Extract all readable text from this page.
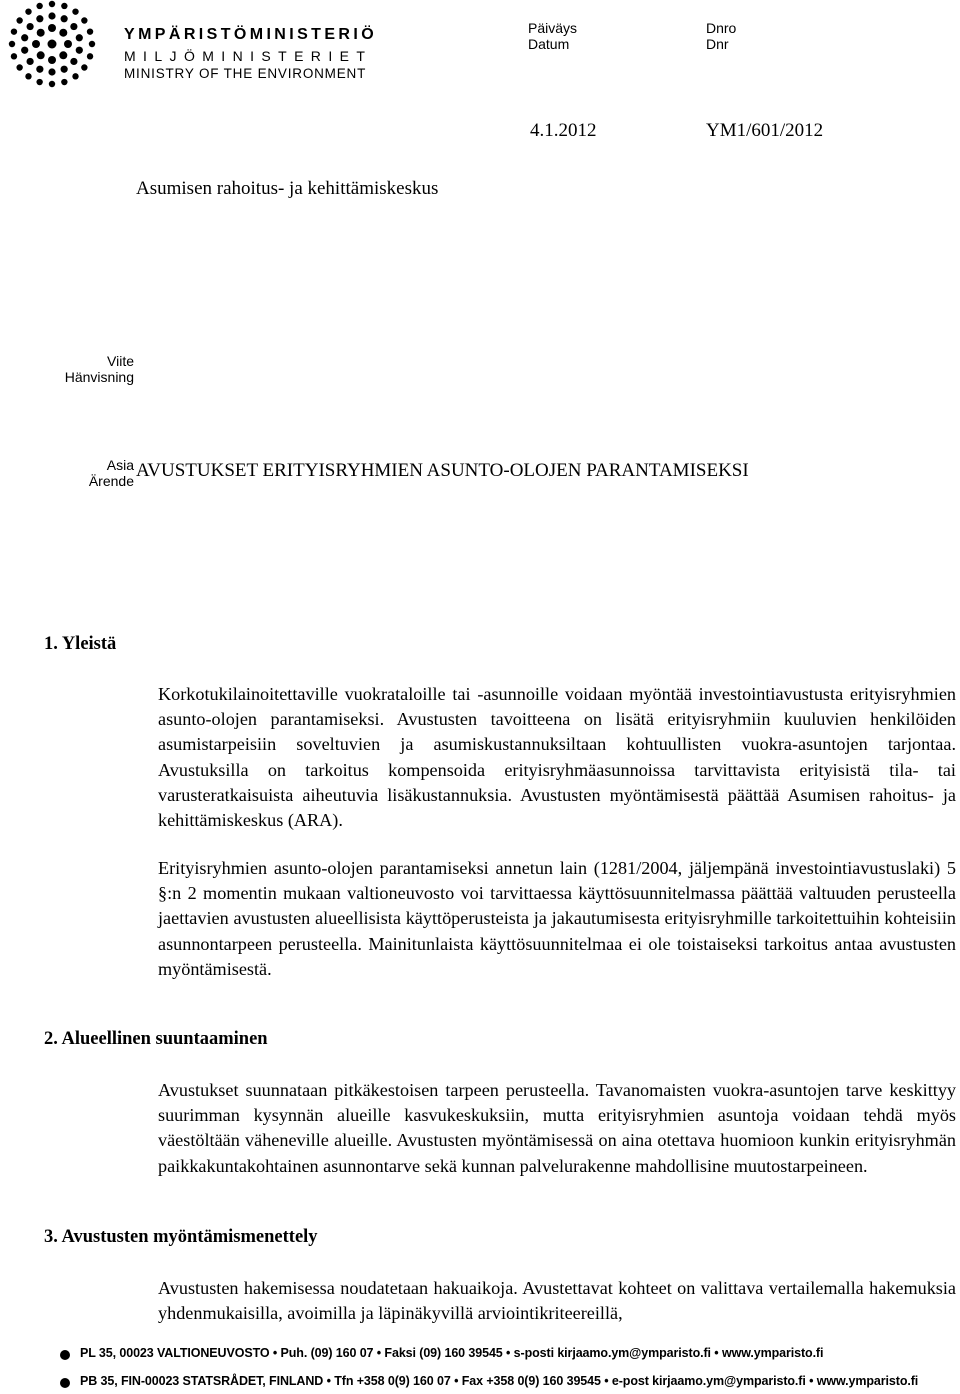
YMPÄRISTÖMINISTERIÖ
MILJÖMINISTERIET
MINISTRY OF THE ENVIRONMENT
Päiväys
Datum
Dnro
Dnr
4.1.2012	YM1/601/2012
Asumisen rahoitus- ja kehittämiskeskus
Viite
Hänvisning
Asia
Ärende AVUSTUKSET ERITYISRYHMIEN ASUNTO-OLOJEN PARANTAMISEKSI
1. Yleistä

Korkotukilainoitettaville vuokrataloille tai -asunnoille voidaan myöntää investointiavustusta erityisryhmien asunto-olojen parantamiseksi. Avustusten tavoitteena on lisätä erityisryhmiin kuuluvien henkilöiden asumistarpeisiin soveltuvien ja asumiskustannuksiltaan kohtuullisten vuokra-asuntojen tarjontaa. Avustuksilla on tarkoitus kompensoida erityisryhmäasunnoissa tarvittavista erityisistä tila- tai varusteratkaisuista aiheutuvia lisäkustannuksia. Avustusten myöntämisestä päättää Asumisen rahoitus- ja kehittämiskeskus (ARA).

Erityisryhmien asunto-olojen parantamiseksi annetun lain (1281/2004, jäljempänä investointiavustuslaki) 5 §:n 2 momentin mukaan valtioneuvosto voi tarvittaessa käyttösuunnitelmassa päättää valtuuden perusteella jaettavien avustusten alueellisista käyttöperusteista ja jakautumisesta erityisryhmille tarkoitettuihin kohteisiin asunnontarpeen perusteella. Mainitunlaista käyttösuunnitelmaa ei ole toistaiseksi tarkoitus antaa avustusten myöntämisestä.

2. Alueellinen suuntaaminen

Avustukset suunnataan pitkäkestoisen tarpeen perusteella. Tavanomaisten vuokra-asuntojen tarve keskittyy suurimman kysynnän alueille kasvukeskuksiin, mutta erityisryhmien asuntoja voidaan tehdä myös väestöltään väheneville alueille. Avustusten myöntämisessä on aina otettava huomioon kunkin erityisryhmän paikkakuntakohtainen asunnontarve sekä kunnan palvelurakenne mahdollisine muutostarpeineen.

3. Avustusten myöntämismenettely

Avustusten hakemisessa noudatetaan hakuaikoja. Avustettavat kohteet on valittava vertailemalla hakemuksia yhdenmukaisilla, avoimilla ja läpinäkyvillä arviointikriteereillä,

PL 35, 00023 VALTIONEUVOSTO • Puh. (09) 160 07 • Faksi (09) 160 39545 • s-posti kirjaamo.ym@ymparisto.fi • www.ymparisto.fi
PB 35, FIN-00023 STATSRÅDET, FINLAND • Tfn +358 0(9) 160 07 • Fax +358 0(9) 160 39545 • e-post kirjaamo.ym@ymparisto.fi • www.ymparisto.fi
